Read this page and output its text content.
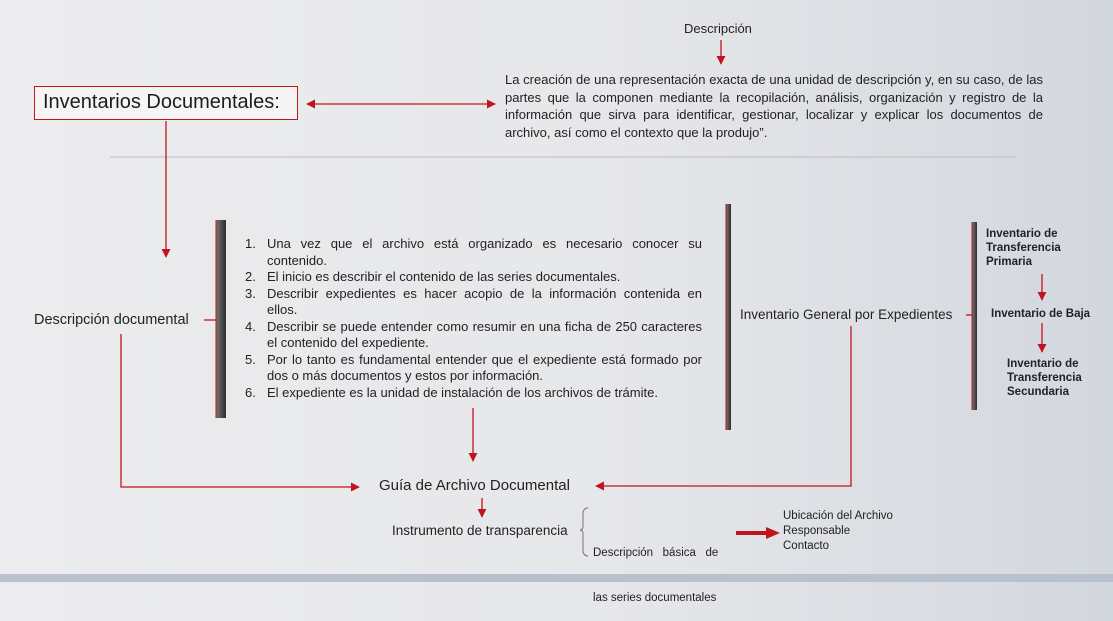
Inventarios Documentales:
Descripción
La creación de una representación exacta de una unidad de descripción y, en su caso, de las partes que la componen mediante la recopilación, análisis, organización y registro de la información que sirva para identificar, gestionar, localizar y explicar los documentos de archivo, así como el contexto que la produjo”.
Descripción documental
1. Una vez que el archivo está organizado es necesario conocer su contenido.
2. El inicio es describir el contenido de las series documentales.
3. Describir expedientes es hacer acopio de la información contenida en ellos.
4. Describir se puede entender como resumir en una ficha de 250 caracteres el contenido del expediente.
5. Por lo tanto es fundamental entender que el expediente está formado por dos o más documentos y estos por información.
6. El expediente es la unidad de instalación de los archivos de trámite.
Inventario General por Expedientes
Inventario de
Transferencia
Primaria
Inventario de Baja
Inventario de
Transferencia
Secundaria
Guía de Archivo Documental
Instrumento de transparencia

Descripción   básica   de

las series documentales

Ubicación del Archivo
Responsable
Contacto
